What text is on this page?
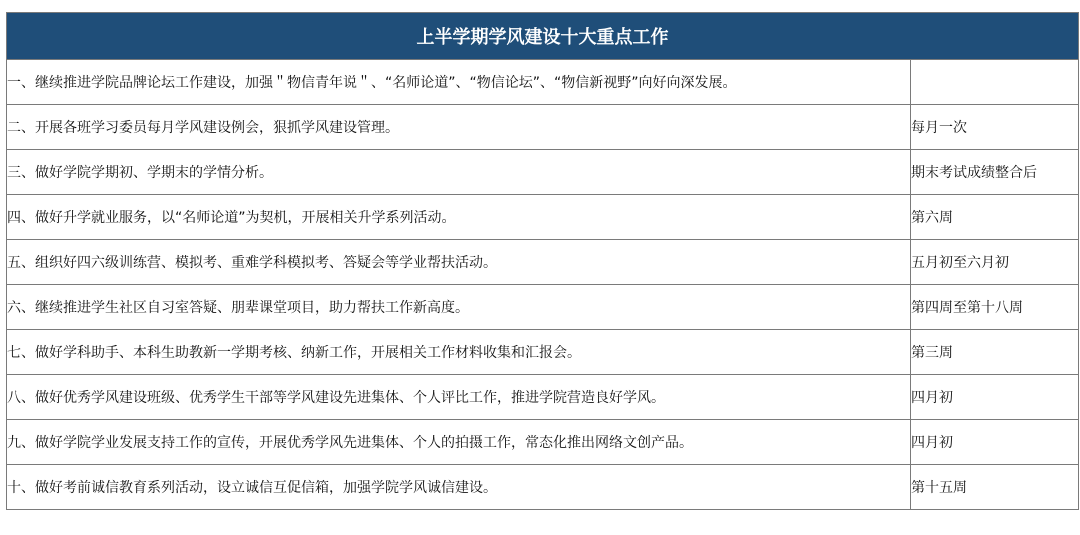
上半学期学风建设十大重点工作	
一、继续推进学院品牌论坛工作建设，加强＂物信青年说＂、“名师论道”、“物信论坛”、“物信新视野”向好向深发展。	
二、开展各班学习委员每月学风建设例会，狠抓学风建设管理。	每月一次
三、做好学院学期初、学期末的学情分析。	期末考试成绩整合后
四、做好升学就业服务，以“名师论道”为契机，开展相关升学系列活动。	第六周
五、组织好四六级训练营、模拟考、重难学科模拟考、答疑会等学业帮扶活动。	五月初至六月初
六、继续推进学生社区自习室答疑、朋辈课堂项目，助力帮扶工作新高度。	第四周至第十八周
七、做好学科助手、本科生助教新一学期考核、纳新工作，开展相关工作材料收集和汇报会。	第三周
八、做好优秀学风建设班级、优秀学生干部等学风建设先进集体、个人评比工作，推进学院营造良好学风。	四月初
九、做好学院学业发展支持工作的宣传，开展优秀学风先进集体、个人的拍摄工作，常态化推出网络文创产品。	四月初
十、做好考前诚信教育系列活动，设立诚信互促信箱，加强学院学风诚信建设。	第十五周
